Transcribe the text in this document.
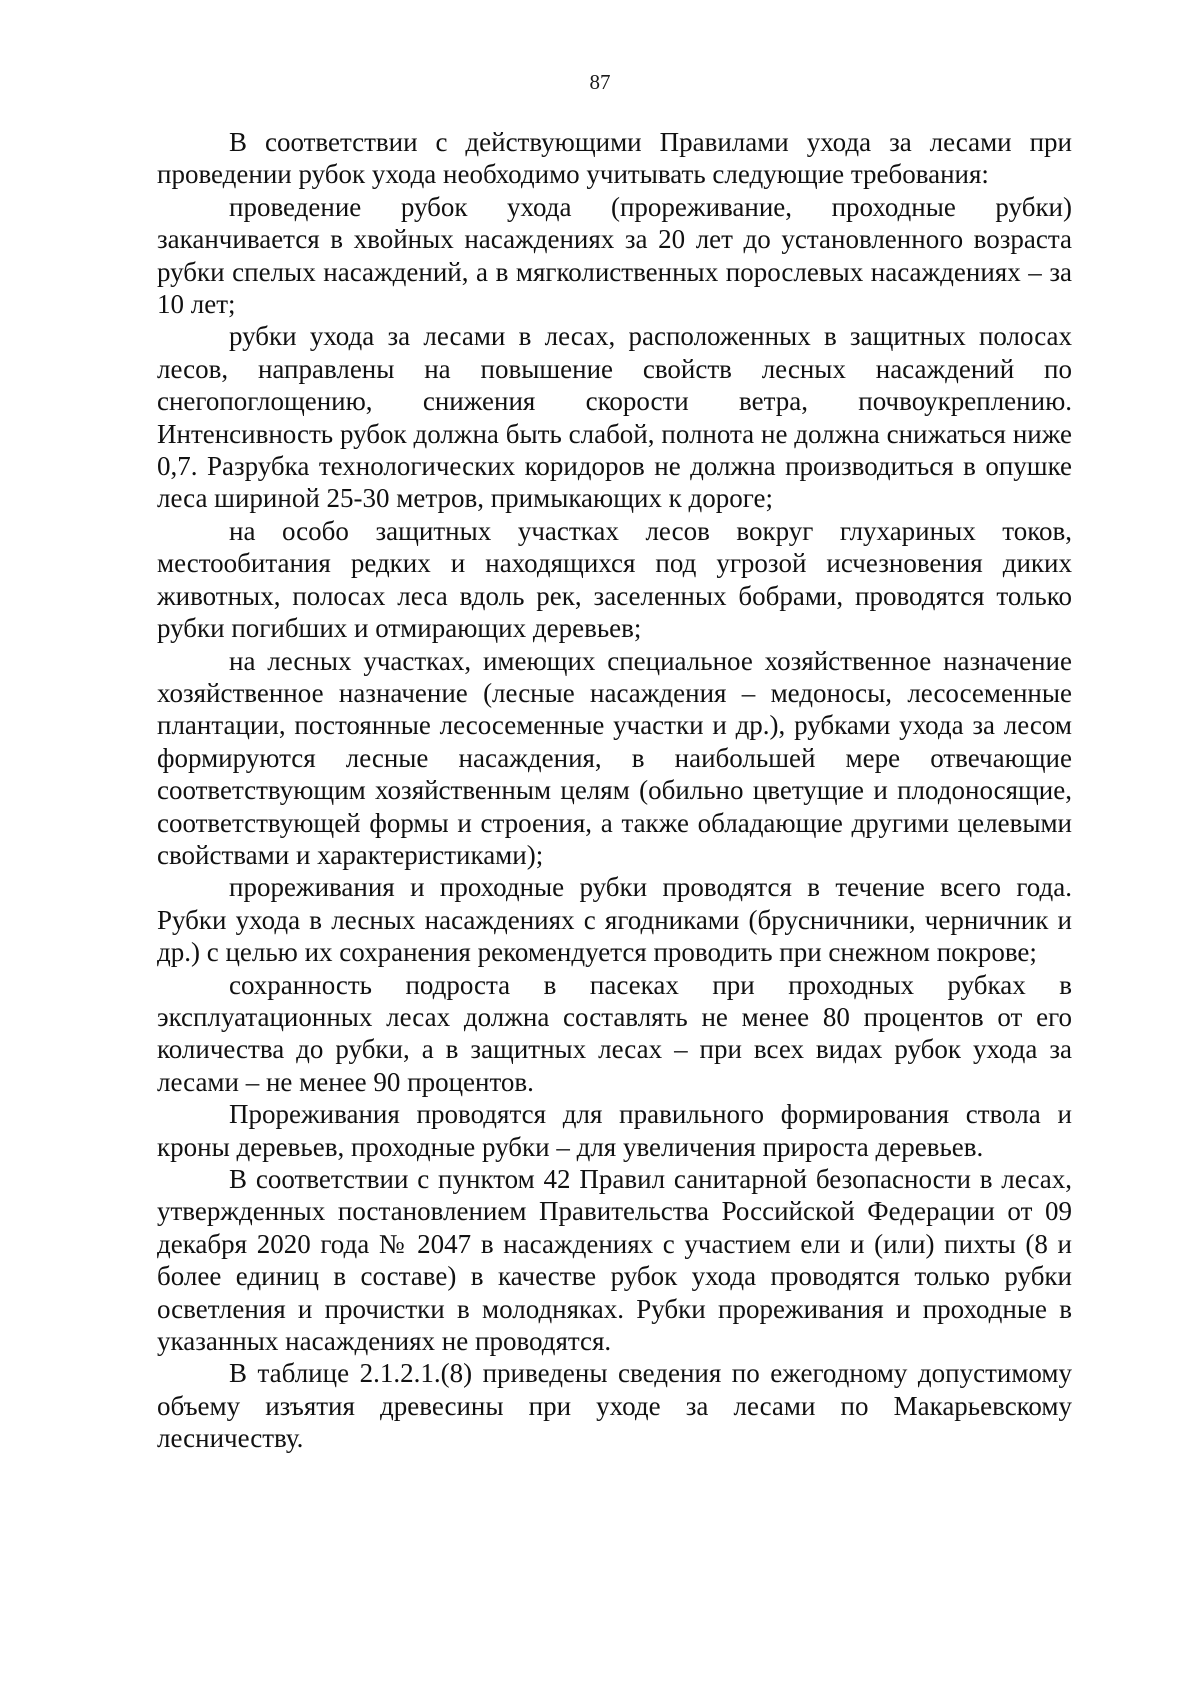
87

В соответствии с действующими Правилами ухода за лесами при проведении рубок ухода необходимо учитывать следующие требования:

проведение рубок ухода (прореживание, проходные рубки) заканчивается в хвойных насаждениях за 20 лет до установленного возраста рубки спелых насаждений, а в мягколиственных порослевых насаждениях – за 10 лет;

рубки ухода за лесами в лесах, расположенных в защитных полосах лесов, направлены на повышение свойств лесных насаждений по снегопоглощению, снижения скорости ветра, почвоукреплению. Интенсивность рубок должна быть слабой, полнота не должна снижаться ниже 0,7. Разрубка технологических коридоров не должна производиться в опушке леса шириной 25-30 метров, примыкающих к дороге;

на особо защитных участках лесов вокруг глухариных токов, местообитания редких и находящихся под угрозой исчезновения диких животных, полосах леса вдоль рек, заселенных бобрами, проводятся только рубки погибших и отмирающих деревьев;

на лесных участках, имеющих специальное хозяйственное назначение хозяйственное назначение (лесные насаждения – медоносы, лесосеменные плантации, постоянные лесосеменные участки и др.), рубками ухода за лесом формируются лесные насаждения, в наибольшей мере отвечающие соответствующим хозяйственным целям (обильно цветущие и плодоносящие, соответствующей формы и строения, а также обладающие другими целевыми свойствами и характеристиками);

прореживания и проходные рубки проводятся в течение всего года. Рубки ухода в лесных насаждениях с ягодниками (брусничники, черничник и др.) с целью их сохранения рекомендуется проводить при снежном покрове;

сохранность подроста в пасеках при проходных рубках в эксплуатационных лесах должна составлять не менее 80 процентов от его количества до рубки, а в защитных лесах – при всех видах рубок ухода за лесами – не менее 90 процентов.

Прореживания проводятся для правильного формирования ствола и кроны деревьев, проходные рубки – для увеличения прироста деревьев.

В соответствии с пунктом 42 Правил санитарной безопасности в лесах, утвержденных постановлением Правительства Российской Федерации от 09 декабря 2020 года № 2047 в насаждениях с участием ели и (или) пихты (8 и более единиц в составе) в качестве рубок ухода проводятся только рубки осветления и прочистки в молодняках. Рубки прореживания и проходные в указанных насаждениях не проводятся.

В таблице 2.1.2.1.(8) приведены сведения по ежегодному допустимому объему изъятия древесины при уходе за лесами по Макарьевскому лесничеству.
